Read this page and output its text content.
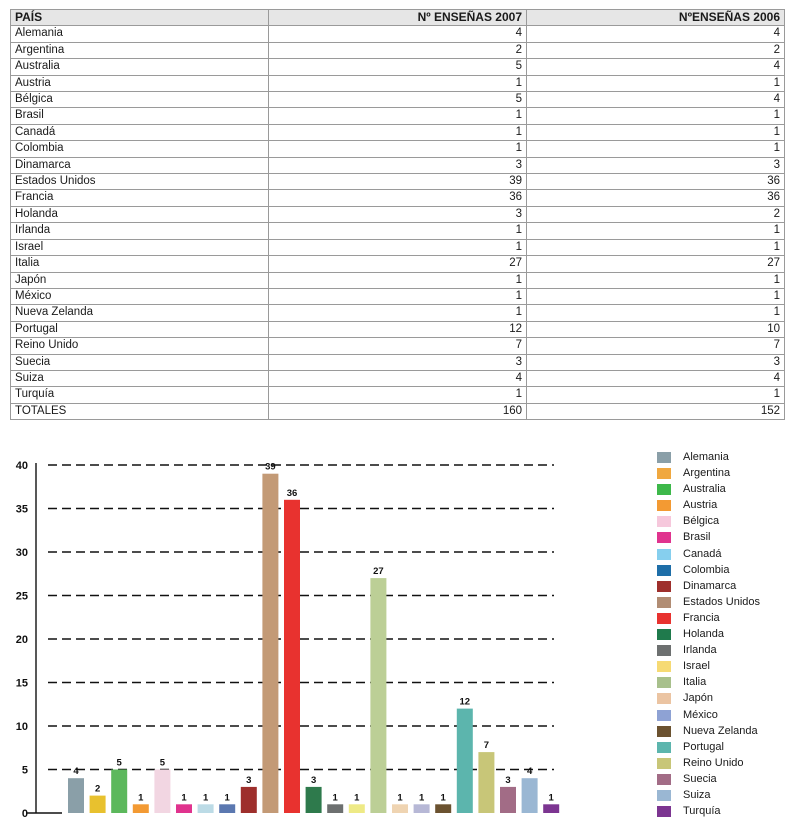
PAÍS	Nº ENSEÑAS 2007	NºENSEÑAS 2006
Alemania	4	4
Argentina	2	2
Australia	5	4
Austria	1	1
Bélgica	5	4
Brasil	1	1
Canadá	1	1
Colombia	1	1
Dinamarca	3	3
Estados Unidos	39	36
Francia	36	36
Holanda	3	2
Irlanda	1	1
Israel	1	1
Italia	27	27
Japón	1	1
México	1	1
Nueva Zelanda	1	1
Portugal	12	10
Reino Unido	7	7
Suecia	3	3
Suiza	4	4
Turquía	1	1
TOTALES	160	152
0
5
10
15
20
25
30
35
40
4
2
5
1
5
1 1 1
3
39
36
3
1 1
27
1 1 1
12
7
3
4
1
Alemania
Argentina
Australia
Austria
Bélgica
Brasil
Canadá
Colombia
Dinamarca
Estados Unidos
Francia
Holanda
Irlanda
Israel
Italia
Japón
México
Nueva Zelanda
Portugal
Reino Unido
Suecia
Suiza
Turquía
